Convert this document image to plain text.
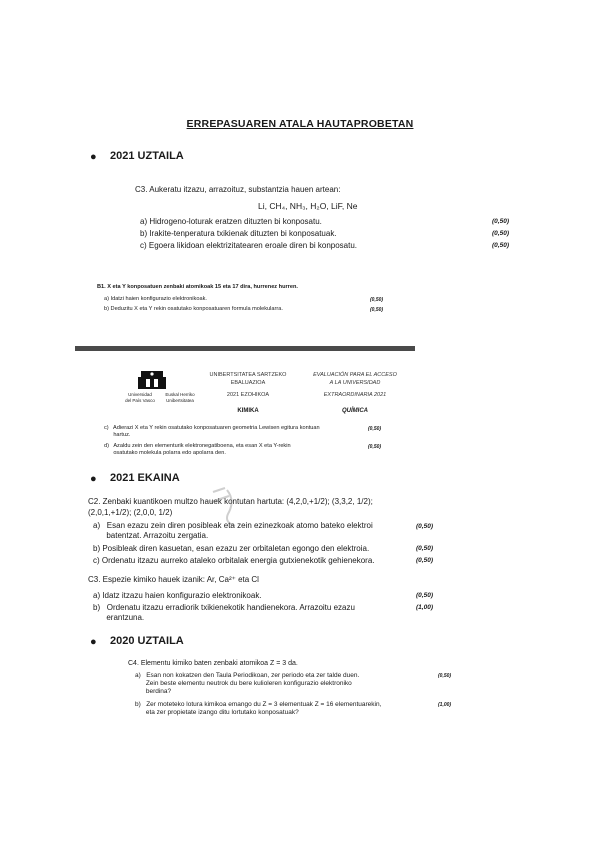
ERREPASUAREN ATALA HAUTAPROBETAN
● 2021 UZTAILA
C3. Aukeratu itzazu, arrazoituz, substantzia hauen artean:
Li, CH₄, NH₃, H₂O, LiF, Ne
a) Hidrogeno-loturak eratzen dituzten bi konposatu.	(0,50)
b) Irakite-tenperatura txikienak dituzten bi konposatuak.	(0,50)
c) Egoera likidoan elektrizitatearen eroale diren bi konposatu.	(0,50)
B1. X eta Y konposatuen zenbaki atomikoak 15 eta 17 dira, hurrenez hurren.
a) Idatzi haien konfigurazio elektronikoak.	(0,50)
b) Deduzitu X eta Y rekin osatutako konposatuaren formula molekularra.	(0,50)
Universidad
del País Vasco
Euskal Herriko
Unibertsitatea
UNIBERTSITATEA SARTZEKO
EBALUAZIOA
2021 EZOHIKOA
EVALUACIÓN PARA EL ACCESO
A LA UNIVERSIDAD
EXTRAORDINARIA 2021
KIMIKA	QUÍMICA
c)   Adierazi X eta Y rekin osatutako konposatuaren geometria Lewisen egitura kontuan
hartuz.
(0,50)
d)   Azaldu zein den elementurik elektronegatiboena, eta esan X eta Y-rekin
osatutako molekula polarra edo apolarra den.
(0,50)
● 2021 EKAINA
C2. Zenbaki kuantikoen multzo hauek kontutan hartuta: (4,2,0,+1/2); (3,3,2, 1/2);
(2,0,1,+1/2); (2,0,0, 1/2)
a)   Esan ezazu zein diren posibleak eta zein ezinezkoak atomo bateko elektroi
batentzat. Arrazoitu zergatia.
(0,50)
b) Posibleak diren kasuetan, esan ezazu zer orbitaletan egongo den elektroia.	(0,50)
c) Ordenatu itzazu aurreko ataleko orbitalak energia gutxienekotik gehienekora.	(0,50)
C3. Espezie kimiko hauek izanik: Ar, Ca²⁺ eta Cl
a) Idatz itzazu haien konfigurazio elektronikoak.	(0,50)
b)   Ordenatu itzazu erradiorik txikienekotik handienekora. Arrazoitu ezazu
erantzuna.
(1,00)
● 2020 UZTAILA
C4. Elementu kimiko baten zenbaki atomikoa Z = 3 da.
a)   Esan non kokatzen den Taula Periodikoan, zer periodo eta zer talde duen.
Zein beste elementu neutrok du bere kulioleren konfigurazio elektroniko
berdina?
(0,50)
b)   Zer moteteko lotura kimikoa emango du Z = 3 elementuak Z = 16 elementuarekin,
eta zer propietate izango ditu lortutako konposatuak?
(1,00)
